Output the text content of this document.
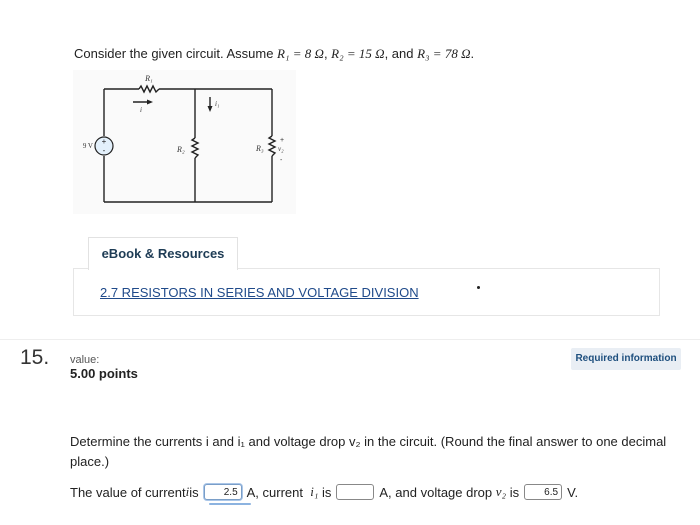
Consider the given circuit. Assume R₁ = 8 Ω, R₂ = 15 Ω, and R₃ = 78 Ω.
+
-
9 V
R₁
i
i₁
R₂	R₃
+
v₂
-
eBook & Resources
2.7 RESISTORS IN SERIES AND VOLTAGE DIVISION
15. value:
5.00 points
Required information
Determine the currents i and i₁ and voltage drop v₂ in the circuit. (Round the final answer to one decimal place.)
The value of current i is	2.5 A, current
i₁
is	A, and voltage drop
v₂
is	6.5 V.
